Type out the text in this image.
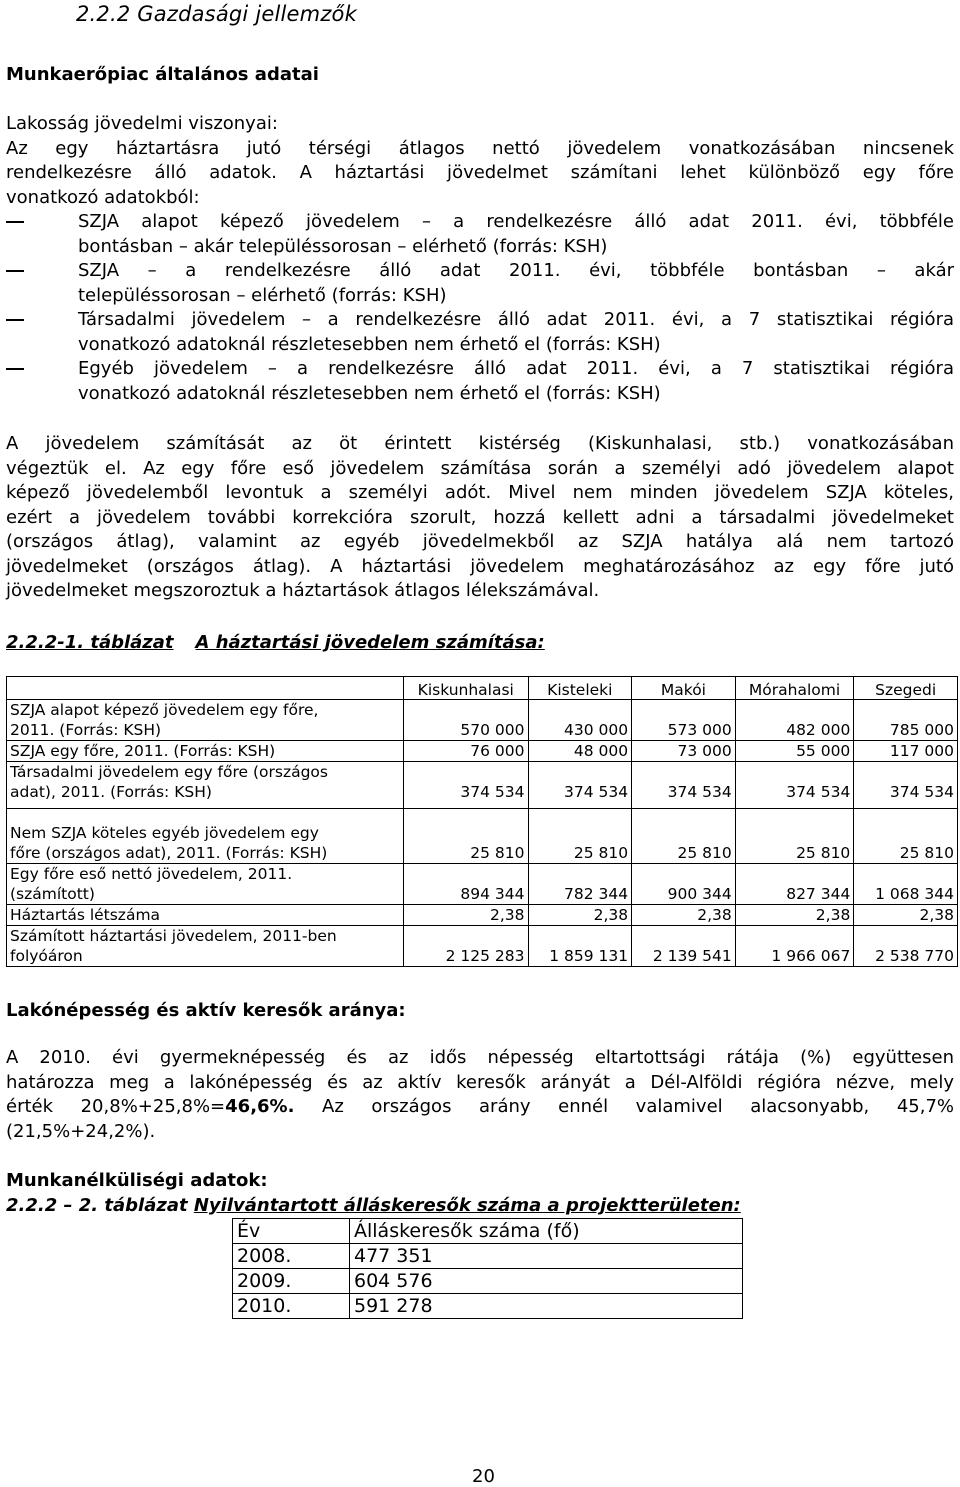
2.2.2 Gazdasági jellemzők
Munkaerőpiac általános adatai
Lakosság jövedelmi viszonyai:
Az egy háztartásra jutó térségi átlagos nettó jövedelem vonatkozásában nincsenek
rendelkezésre álló adatok. A háztartási jövedelmet számítani lehet különböző egy főre
vonatkozó adatokból:
SZJA alapot képező jövedelem – a rendelkezésre álló adat 2011. évi, többféle
bontásban – akár településsorosan – elérhető (forrás: KSH)
SZJA – a rendelkezésre álló adat 2011. évi, többféle bontásban – akár
településsorosan – elérhető (forrás: KSH)
Társadalmi jövedelem – a rendelkezésre álló adat 2011. évi, a 7 statisztikai régióra
vonatkozó adatoknál részletesebben nem érhető el (forrás: KSH)
Egyéb jövedelem – a rendelkezésre álló adat 2011. évi, a 7 statisztikai régióra
vonatkozó adatoknál részletesebben nem érhető el (forrás: KSH)
A jövedelem számítását az öt érintett kistérség (Kiskunhalasi, stb.) vonatkozásában
végeztük el. Az egy főre eső jövedelem számítása során a személyi adó jövedelem alapot
képező jövedelemből levontuk a személyi adót. Mivel nem minden jövedelem SZJA köteles,
ezért a jövedelem további korrekcióra szorult, hozzá kellett adni a társadalmi jövedelmeket
(országos átlag), valamint az egyéb jövedelmekből az SZJA hatálya alá nem tartozó
jövedelmeket (országos átlag). A háztartási jövedelem meghatározásához az egy főre jutó
jövedelmeket megszoroztuk a háztartások átlagos lélekszámával.
2.2.2-1. táblázat A háztartási jövedelem számítása:
	Kiskunhalasi	Kisteleki	Makói	Mórahalomi	Szegedi

SZJA alapot képező jövedelem egy főre,
2011. (Forrás: KSH)	570 000	430 000	573 000	482 000	785 000
SZJA egy főre, 2011. (Forrás: KSH)	76 000	48 000	73 000	55 000	117 000

Társadalmi jövedelem egy főre (országos
adat), 2011. (Forrás: KSH)	374 534	374 534	374 534	374 534	374 534

Nem SZJA köteles egyéb jövedelem egy
főre (országos adat), 2011. (Forrás: KSH)	25 810	25 810	25 810	25 810	25 810

Egy főre eső nettó jövedelem, 2011.
(számított)	894 344	782 344	900 344	827 344	1 068 344
Háztartás létszáma	2,38	2,38	2,38	2,38	2,38

Számított háztartási jövedelem, 2011-ben
folyóáron	2 125 283	1 859 131	2 139 541	1 966 067	2 538 770
Lakónépesség és aktív keresők aránya:
A 2010. évi gyermeknépesség és az idős népesség eltartottsági rátája (%) együttesen
határozza meg a lakónépesség és az aktív keresők arányát a Dél-Alföldi régióra nézve, mely
érték 20,8%+25,8%=46,6%. Az országos arány ennél valamivel alacsonyabb, 45,7%
(21,5%+24,2%).
Munkanélküliségi adatok:
2.2.2 – 2. táblázat Nyilvántartott álláskeresők száma a projektterületen:
Év	Álláskeresők száma (fő)
2008.	477 351
2009.	604 576
2010.	591 278
20
